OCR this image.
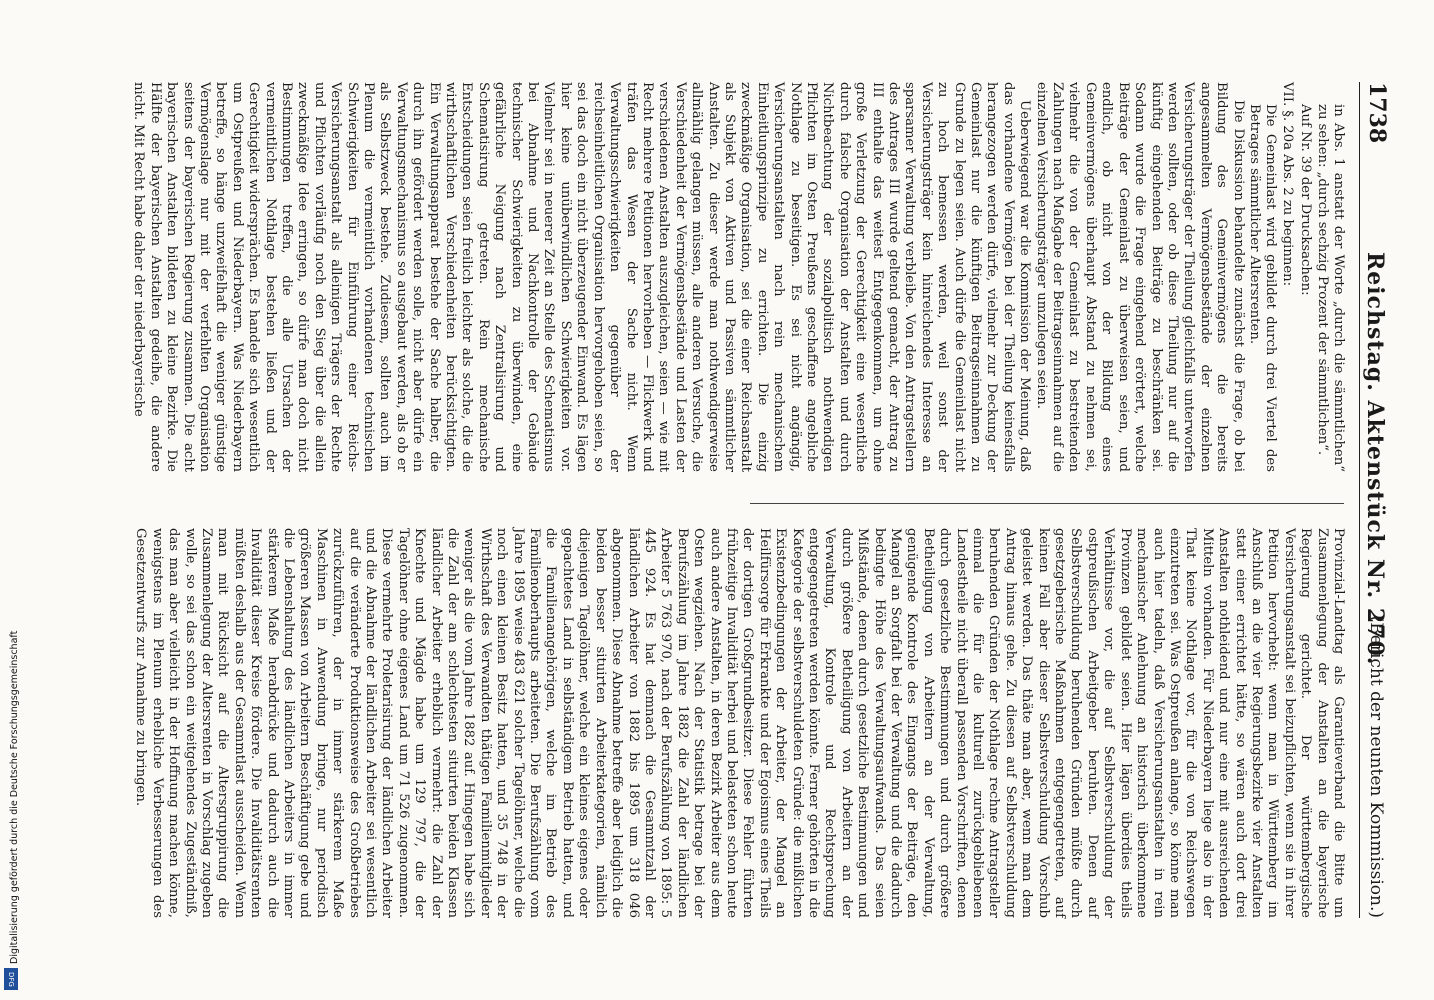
1738
Reichstag. Aktenstück Nr. 270.
(Bericht der neunten Kommission.)

in Abs. 1 anstatt der Worte „durch die sämmtlichen“ zu sehen: „durch sechzig Prozent der sämmtlichen“.

Auf Nr. 39 der Drucksachen:

VII. §. 20a Abs. 2 zu beginnen:

Die Gemeinlast wird gebildet durch drei Viertel des Betrages sämmtlicher Altersrenten.

Die Diskussion behandelte zunächst die Frage, ob bei Bildung des Gemeinvermögens die bereits angesammelten Vermögensbestände der einzelnen Versicherungsträger der Theilung gleichfalls unterworfen werden sollten, oder ob diese Theilung nur auf die künftig eingehenden Beiträge zu beschränken sei. Sodann wurde die Frage eingehend erörtert, welche Beiträge der Gemeinlast zu überweisen seien, und endlich, ob nicht von der Bildung eines Gemeinvermögens überhaupt Abstand zu nehmen sei, vielmehr die von der Gemeinlast zu bestreitenden Zahlungen nach Maßgabe der Beitragseinnahmen auf die einzelnen Versicherungsträger umzulegen seien.

Ueberwiegend war die Kommission der Meinung, daß das vorhandene Vermögen bei der Theilung keinesfalls herangezogen werden dürfe, vielmehr zur Deckung der Gemeinlast nur die künftigen Beitragseinnahmen zu Grunde zu legen seien. Auch dürfe die Gemeinlast nicht zu hoch bemessen werden, weil sonst der Versicherungsträger kein hinreichendes Interesse an sparsamer Verwaltung verbleibe. Von den Antragstellern des Antrages III wurde geltend gemacht, der Antrag zu III enthalte das weitest Entgegenkommen, um ohne große Verletzung der Gerechtigkeit eine wesentliche durch falsche Organisation der Anstalten und durch Nichtbeachtung der sozialpolitisch nothwendigen Pflichten im Osten Preußens geschaffene angebliche Nothlage zu beseitigen. Es sei nicht angängig, Versicherungsanstalten nach rein mechanischem Einheitlungsprinzipe zu errichten. Die einzig zweckmäßige Organisation, sei die einer Reichsanstalt als Subjekt von Aktiven und Passiven sämmtlicher Anstalten. Zu dieser werde man nothwendigerweise allmählig gelangen müssen, alle anderen Versuche, die Verschiedenheit der Vermögensbestände und Lasten der verschiedenen Anstalten auszugleichen, seien — wie mit Recht mehrere Petitionen hervorheben — Flickwerk und träfen das Wesen der Sache nicht. Wenn Verwaltungsschwierigkeiten gegenüber der reichseinheitlichen Organisation hervorgehoben seien, so sei das doch ein nicht überzeugender Einwand. Es lägen hier keine unüberwindlichen Schwierigkeiten vor. Vielmehr sei in neuerer Zeit an Stelle des Schematismus bei Abnahme und Nachkontrolle der Gebäude technischer Schwierigkeiten zu überwinden, eine gefährliche Neigung nach Zentralisirung und Schematisirung getreten. Rein mechanische Entscheidungen seien freilich leichter als solche, die die wirthschaftlichen Verschiedenheiten berücksichtigten. Ein Verwaltungsapparat bestehe der Sache halber, die durch ihn gefördert werden solle, nicht aber dürfe ein Verwaltungsmechanismus so ausgebaut werden, als ob er als Selbstzweck bestehe. Zudiesem, sollten auch im Plenum die vermeintlich vorhandenen technischen Schwierigkeiten für Einführung einer Reichs-Versicherungsanstalt als alleinigen Trägers der Rechte und Pflichten vorläufig noch den Sieg über die allein zweckmäßige Idee erringen, so dürfe man doch nicht Bestimmungen treffen, die alle Ursachen der vermeintlichen Nothlage bestehen ließen und der Gerechtigkeit widersprächen. Es handele sich wesentlich um Ostpreußen und Niederbayern. Was Niederbayern betreffe, so hänge unzweifelhaft die weniger günstige Vermögenslage nur mit der verfehlten Organisation seitens der bayerischen Regierung zusammen. Die acht bayerischen Anstalten bildeten zu kleine Bezirke. Die Hälfte der bayerischen Anstalten gedeihe, die andere nicht. Mit Recht habe daher der niederbayerische

Provinzial-Landtag als Garantieverband die Bitte um Zusammenlegung der Anstalten an die bayerische Regierung gerichtet. Der württembergische Versicherungsanstalt sei beizupflichten, wenn sie in ihrer Petition hervorhebt: wenn man in Württemberg im Anschluß an die vier Regierungsbezirke vier Anstalten statt einer errichtet hätte, so wären auch dort drei Anstalten nothleidend und nur eine mit ausreichenden Mitteln vorhanden. Für Niederbayern liege also in der That keine Nothlage vor, für die von Reichswegen einzutreten sei. Was Ostpreußen anlange, so könne man auch hier tadeln, daß Versicherungsanstalten in rein mechanischer Anlehnung an historisch überkommene Provinzen gebildet seien. Hier lägen überdies theils Verhältnisse vor, die auf Selbstverschuldung der ostpreußischen Arbeitgeber beruhten. Denen auf Selbstverschuldung beruhenden Gründen müßte durch gesetzgeberische Maßnahmen entgegengetreten, auf keinen Fall aber dieser Selbstverschuldung Vorschub geleistet werden. Das thäte man aber, wenn man dem Antrag hinaus gehe. Zu diesen auf Selbstverschuldung beruhenden Gründen der Nothlage rechne Antragsteller einmal die für die kulturell zurückgebliebenen Landestheile nicht überall passenden Vorschriften, denen durch gesetzliche Bestimmungen und durch größere Betheiligung von Arbeitern an der Verwaltung, genügende Kontrole des Eingangs der Beiträge, den Mangel an Sorgfalt bei der Verwaltung und die dadurch bedingte Höhe des Verwaltungsaufwands. Das seien Mißstände, denen durch gesetzliche Bestimmungen und durch größere Betheiligung von Arbeitern an der Verwaltung, Kontrole und Rechtsprechung entgegengetreten werden könnte. Ferner gehörten in die Kategorie der selbstverschuldeten Gründe: die mißlichen Existenzbedingungen der Arbeiter, der Mangel an Heilfürsorge für Erkrankte und der Egoismus eines Theils der dortigen Großgrundbesitzer. Diese Fehler führten frühzeitige Invalidität herbei und belasteten schon heute auch andere Anstalten, in deren Bezirk Arbeiter aus dem Osten wegziehen. Nach der Statistik betrage bei der Berufszählung im Jahre 1882 die Zahl der ländlichen Arbeiter 5 763 970, nach der Berufszählung von 1895: 5 445 924. Es hat demnach die Gesammtzahl der ländlichen Arbeiter von 1882 bis 1895 um 318 046 abgenommen. Diese Abnahme betreffe aber lediglich die beiden besser situirten Arbeiterkategorien, nämlich diejenigen Tagelöhner, welche ein kleines eigenes oder gepachtetes Land in selbständigem Betrieb hatten, und die Familienangehörigen, welche im Betrieb des Familienoberhaupts arbeiteten. Die Berufszählung vom Jahre 1895 weise 483 621 solcher Tagelöhner, welche die noch einen kleinen Besitz hatten, und 35 748 in der Wirthschaft des Verwandten thätigen Familienmitglieder weniger als die vom Jahre 1882 auf. Hingegen habe sich die Zahl der am schlechtesten situirten beiden Klassen ländlicher Arbeiter erheblich vermehrt: die Zahl der Knechte und Mägde habe um 129 797, die der Tagelöhner ohne eigenes Land um 71 526 zugenommen. Diese vermehrte Proletarisirung der ländlichen Arbeiter und die Abnahme der ländlichen Arbeiter sei wesentlich auf die veränderte Produktionsweise des Großbetriebes zurückzuführen, der in immer stärkerem Maße Maschinen in Anwendung bringe, nur periodisch größeren Massen von Arbeitern Beschäftigung gebe und die Lebenshaltung des ländlichen Arbeiters in immer stärkerem Maße herabdrücke und dadurch auch die Invalidität dieser Kreise fördere. Die Invaliditätsrenten müßten deshalb aus der Gesammtlast ausscheiden. Wenn man mit Rücksicht auf die Altersgruppirung die Zusammenlegung der Altersrenten in Vorschlag zugeben wolle, so sei das schon ein weitgehendes Zugeständniß, das man aber vielleicht in der Hoffnung machen könne, wenigstens im Plenum erhebliche Verbesserungen des Gesetzentwurfs zur Annahme zu bringen.

Digitalisierung gefördert durch die Deutsche Forschungsgemeinschaft
DFG
